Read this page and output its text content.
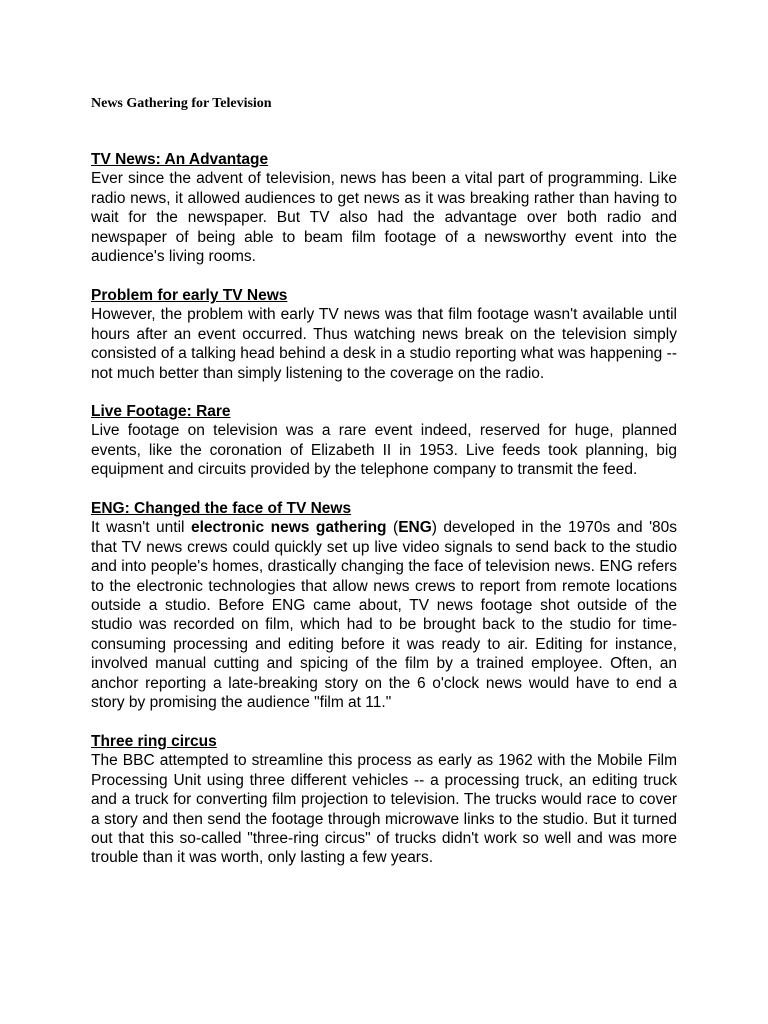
News Gathering for Television
TV News: An Advantage

Ever since the advent of television, news has been a vital part of programming. Like radio news, it allowed audiences to get news as it was breaking rather than having to wait for the newspaper. But TV also had the advantage over both radio and newspaper of being able to beam film footage of a newsworthy event into the audience's living rooms.

Problem for early TV News

However, the problem with early TV news was that film footage wasn't available until hours after an event occurred. Thus watching news break on the television simply consisted of a talking head behind a desk in a studio reporting what was happening -- not much better than simply listening to the coverage on the radio.

Live Footage: Rare

Live footage on television was a rare event indeed, reserved for huge, planned events, like the coronation of Elizabeth II in 1953. Live feeds took planning, big equipment and circuits provided by the telephone company to transmit the feed.

ENG: Changed the face of TV News

It wasn't until electronic news gathering (ENG) developed in the 1970s and '80s that TV news crews could quickly set up live video signals to send back to the studio and into people's homes, drastically changing the face of television news. ENG refers to the electronic technologies that allow news crews to report from remote locations outside a studio. Before ENG came about, TV news footage shot outside of the studio was recorded on film, which had to be brought back to the studio for time-consuming processing and editing before it was ready to air. Editing for instance, involved manual cutting and spicing of the film by a trained employee. Often, an anchor reporting a late-breaking story on the 6 o'clock news would have to end a story by promising the audience "film at 11."

Three ring circus

The BBC attempted to streamline this process as early as 1962 with the Mobile Film Processing Unit using three different vehicles -- a processing truck, an editing truck and a truck for converting film projection to television. The trucks would race to cover a story and then send the footage through microwave links to the studio. But it turned out that this so-called "three-ring circus" of trucks didn't work so well and was more trouble than it was worth, only lasting a few years.
